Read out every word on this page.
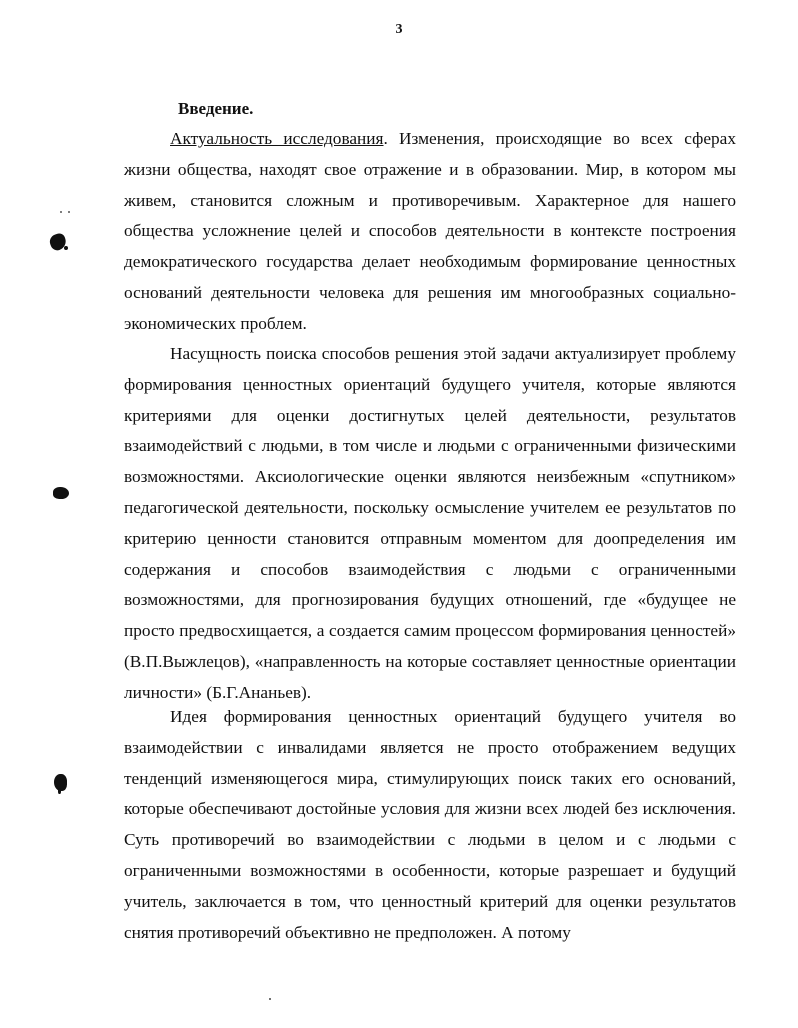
3
Введение.

Актуальность исследования. Изменения, происходящие во всех сферах жизни общества, находят свое отражение и в образовании. Мир, в котором мы живем, становится сложным и противоречивым. Характерное для нашего общества усложнение целей и способов деятельности в контексте построения демократического государства делает необходимым формирование ценностных оснований деятельности человека для решения им многообразных социально-экономических проблем.

Насущность поиска способов решения этой задачи актуализирует проблему формирования ценностных ориентаций будущего учителя, которые являются критериями для оценки достигнутых целей деятельности, результатов взаимодействий с людьми, в том числе и людьми с ограниченными физическими возможностями. Аксиологические оценки являются неизбежным «спутником» педагогической деятельности, поскольку осмысление учителем ее результатов по критерию ценности становится отправным моментом для доопределения им содержания и способов взаимодействия с людьми с ограниченными возможностями, для прогнозирования будущих отношений, где «будущее не просто предвосхищается, а создается самим процессом формирования ценностей» (В.П.Выжлецов), «направленность на которые составляет ценностные ориентации личности» (Б.Г.Ананьев).

Идея формирования ценностных ориентаций будущего учителя во взаимодействии с инвалидами является не просто отображением ведущих тенденций изменяющегося мира, стимулирующих поиск таких его оснований, которые обеспечивают достойные условия для жизни всех людей без исключения. Суть противоречий во взаимодействии с людьми в целом и с людьми с ограниченными возможностями в особенности, которые разрешает и будущий учитель, заключается в том, что ценностный критерий для оценки результатов снятия противоречий объективно не предположен. А потому
